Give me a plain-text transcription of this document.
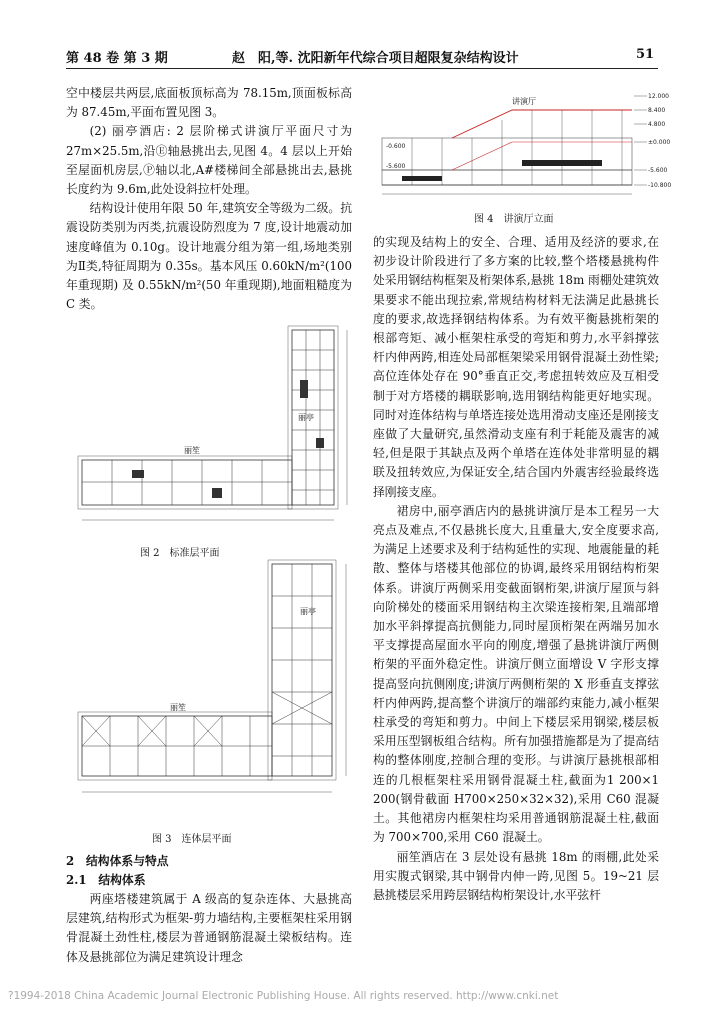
第 48 卷 第 3 期	赵　阳,等. 沈阳新年代综合项目超限复杂结构设计	51

空中楼层共两层,底面板顶标高为 78.15m,顶面板标高为 87.45m,平面布置见图 3。

(2) 丽亭酒店: 2 层阶梯式讲演厅平面尺寸为 27m×25.5m,沿Ⓔ轴悬挑出去,见图 4。4 层以上开始至屋面机房层,Ⓟ轴以北,A#楼梯间全部悬挑出去,悬挑长度约为 9.6m,此处设斜拉杆处理。

结构设计使用年限 50 年,建筑安全等级为二级。抗震设防类别为丙类,抗震设防烈度为 7 度,设计地震动加速度峰值为 0.10g。设计地震分组为第一组,场地类别为Ⅱ类,特征周期为 0.35s。基本风压 0.60kN/m²(100 年重现期) 及 0.55kN/m²(50 年重现期),地面粗糙度为 C 类。

丽亭
丽笙
图 2　标准层平面
丽亭
丽笙
图 3　连体层平面
2　结构体系与特点
2.1　结构体系

两座塔楼建筑属于 A 级高的复杂连体、大悬挑高层建筑,结构形式为框架-剪力墙结构,主要框架柱采用钢骨混凝土劲性柱,楼层为普通钢筋混凝土梁板结构。连体及悬挑部位为满足建筑设计理念

12.000
8.400
4.800
±0.000
-5.600
-10.800
-0.600
-5.600
讲演厅
图 4　讲演厅立面

的实现及结构上的安全、合理、适用及经济的要求,在初步设计阶段进行了多方案的比较,整个塔楼悬挑构件处采用钢结构框架及桁架体系,悬挑 18m 雨棚处建筑效果要求不能出现拉索,常规结构材料无法满足此悬挑长度的要求,故选择钢结构体系。为有效平衡悬挑桁架的根部弯矩、减小框架柱承受的弯矩和剪力,水平斜撑弦杆内伸两跨,相连处局部框架梁采用钢骨混凝土劲性梁;高位连体处存在 90°垂直正交,考虑扭转效应及互相受制于对方塔楼的耦联影响,选用钢结构能更好地实现。同时对连体结构与单塔连接处选用滑动支座还是刚接支座做了大量研究,虽然滑动支座有利于耗能及震害的减轻,但是限于其缺点及两个单塔在连体处非常明显的耦联及扭转效应,为保证安全,结合国内外震害经验最终选择刚接支座。

裙房中,丽亭酒店内的悬挑讲演厅是本工程另一大亮点及难点,不仅悬挑长度大,且重量大,安全度要求高,为满足上述要求及利于结构延性的实现、地震能量的耗散、整体与塔楼其他部位的协调,最终采用钢结构桁架体系。讲演厅两侧采用变截面钢桁架,讲演厅屋顶与斜向阶梯处的楼面采用钢结构主次梁连接桁架,且端部增加水平斜撑提高抗侧能力,同时屋顶桁架在两端另加水平支撑提高屋面水平向的刚度,增强了悬挑讲演厅两侧桁架的平面外稳定性。讲演厅侧立面增设 V 字形支撑提高竖向抗侧刚度;讲演厅两侧桁架的 X 形垂直支撑弦杆内伸两跨,提高整个讲演厅的端部约束能力,减小框架柱承受的弯矩和剪力。中间上下楼层采用钢梁,楼层板采用压型钢板组合结构。所有加强措施都是为了提高结构的整体刚度,控制合理的变形。与讲演厅悬挑根部相连的几根框架柱采用钢骨混凝土柱,截面为1 200×1 200(钢骨截面 H700×250×32×32),采用 C60 混凝土。其他裙房内框架柱均采用普通钢筋混凝土柱,截面为 700×700,采用 C60 混凝土。

丽笙酒店在 3 层处设有悬挑 18m 的雨棚,此处采用实腹式钢梁,其中钢骨内伸一跨,见图 5。19~21 层悬挑楼层采用跨层钢结构桁架设计,水平弦杆

?1994-2018 China Academic Journal Electronic Publishing House. All rights reserved. http://www.cnki.net
